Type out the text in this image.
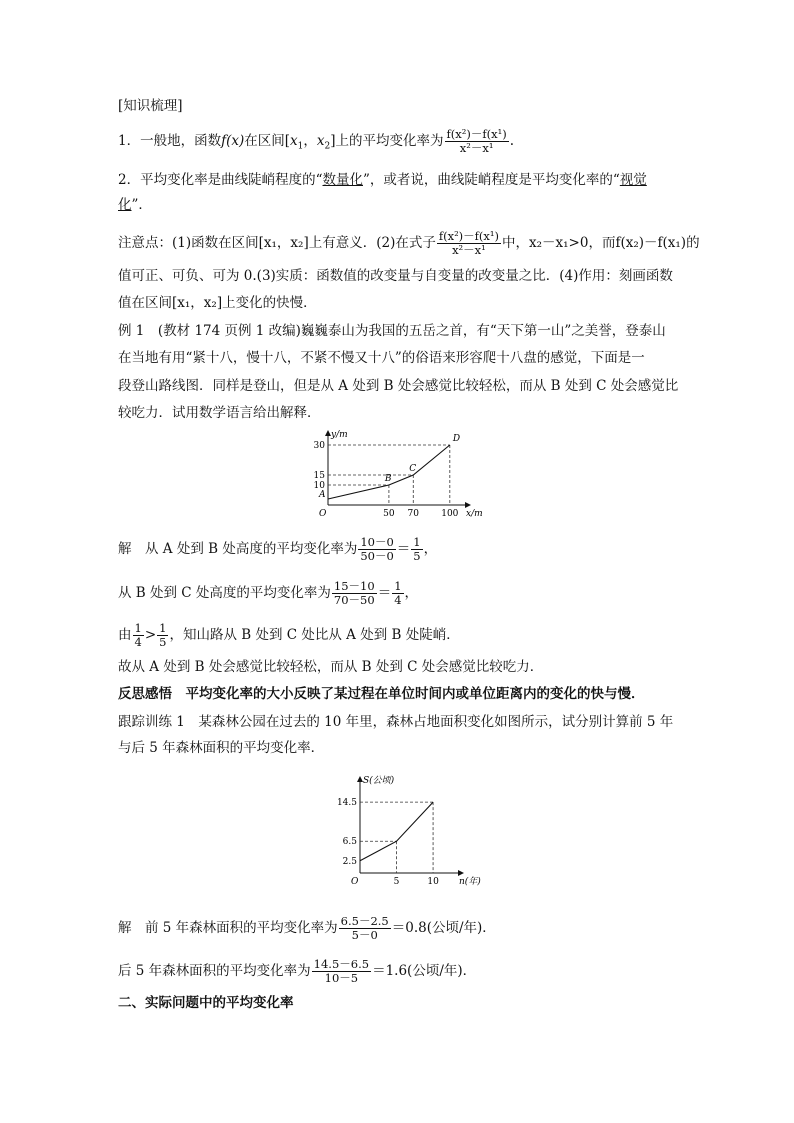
[知识梳理]
1．一般地，函数f(x)在区间[$x_1$，$x_2$]上的平均变化率为 $\frac{\text{f(x²)－f(x¹)}}{\text{x²－x¹}}$ .
2．平均变化率是曲线陡峭程度的“数量化”，或者说，曲线陡峭程度是平均变化率的“视觉
化”．
注意点：(1)函数在区间[x₁，x₂]上有意义．(2)在式子 $\frac{\text{f(x²)－f(x¹)}}{\text{x²－x¹}}$ 中，x₂－x₁>0，而f(x₂)－f(x₁)的
值可正、可负、可为 0.(3)实质：函数值的改变量与自变量的改变量之比．(4)作用：刻画函数
值在区间[x₁，x₂]上变化的快慢．
例 1　(教材 174 页例 1 改编)巍巍泰山为我国的五岳之首，有“天下第一山”之美誉，登泰山
在当地有用“紧十八，慢十八，不紧不慢又十八”的俗语来形容爬十八盘的感觉，下面是一
段登山路线图．同样是登山，但是从 A 处到 B 处会感觉比较轻松，而从 B 处到 C 处会感觉比
较吃力．试用数学语言给出解释．
x/m
y/m
O	50 70 100
10
15
30
A
B
C
D
解　从 A 处到 B 处高度的平均变化率为 $\frac{10-0}{50-0} = \frac{1}{5}$ ，
从 B 处到 C 处高度的平均变化率为 $\frac{15-10}{70-50} = \frac{1}{4}$ ，
由 $\frac{1}{4} > \frac{1}{5}$ ，知山路从 B 处到 C 处比从 A 处到 B 处陡峭．
故从 A 处到 B 处会感觉比较轻松，而从 B 处到 C 处会感觉比较吃力．
反思感悟　平均变化率的大小反映了某过程在单位时间内或单位距离内的变化的快与慢．
跟踪训练 1　某森林公园在过去的 10 年里，森林占地面积变化如图所示，试分别计算前 5 年
与后 5 年森林面积的平均变化率．
n(年)
S(公顷)
O	5	10
2.5
6.5
14.5
解　前 5 年森林面积的平均变化率为 $\frac{6.5-2.5}{5-0} =0.8$(公顷/年)．
后 5 年森林面积的平均变化率为 $\frac{14.5-6.5}{10-5} =1.6$(公顷/年)．
二、实际问题中的平均变化率
